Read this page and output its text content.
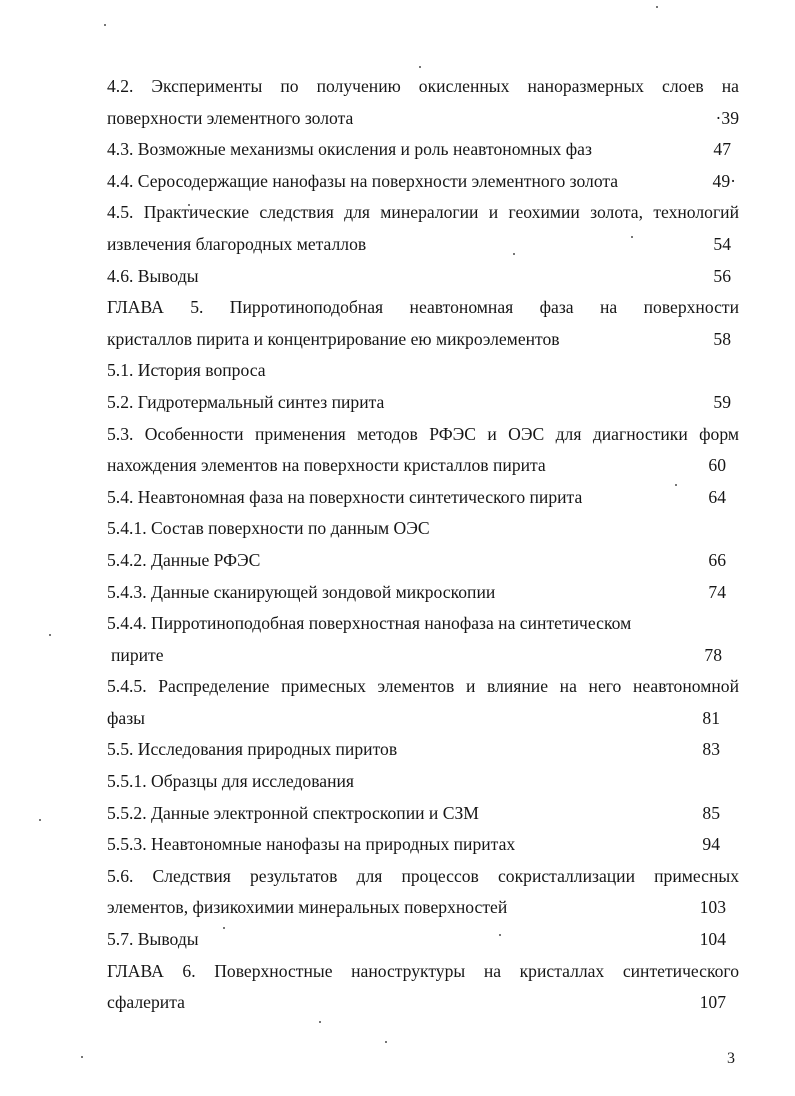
4.2. Эксперименты по получению окисленных наноразмерных слоев на
поверхности элементного золота	·39
4.3. Возможные механизмы окисления и роль неавтономных фаз	47
4.4. Серосодержащие нанофазы на поверхности элементного золота	49·
4.5. Практические следствия для минералогии и геохимии золота, технологий
извлечения благородных металлов	54
4.6. Выводы	56
ГЛАВА 5. Пирротиноподобная неавтономная фаза на поверхности
кристаллов пирита и концентрирование ею микроэлементов	58
5.1. История вопроса
5.2. Гидротермальный синтез пирита	59
5.3. Особенности применения методов РФЭС и ОЭС для диагностики форм
нахождения элементов на поверхности кристаллов пирита	60
5.4. Неавтономная фаза на поверхности синтетического пирита	64
5.4.1. Состав поверхности по данным ОЭС
5.4.2. Данные РФЭС	66
5.4.3. Данные сканирующей зондовой микроскопии	74
5.4.4. Пирротиноподобная поверхностная нанофаза на синтетическом
пирите	78
5.4.5. Распределение примесных элементов и влияние на него неавтономной
фазы	81
5.5. Исследования природных пиритов	83
5.5.1. Образцы для исследования
5.5.2. Данные электронной спектроскопии и СЗМ	85
5.5.3. Неавтономные нанофазы на природных пиритах	94
5.6. Следствия результатов для процессов сокристаллизации примесных
элементов, физикохимии минеральных поверхностей	103
5.7. Выводы	104
ГЛАВА 6. Поверхностные наноструктуры на кристаллах синтетического
сфалерита	107
3
